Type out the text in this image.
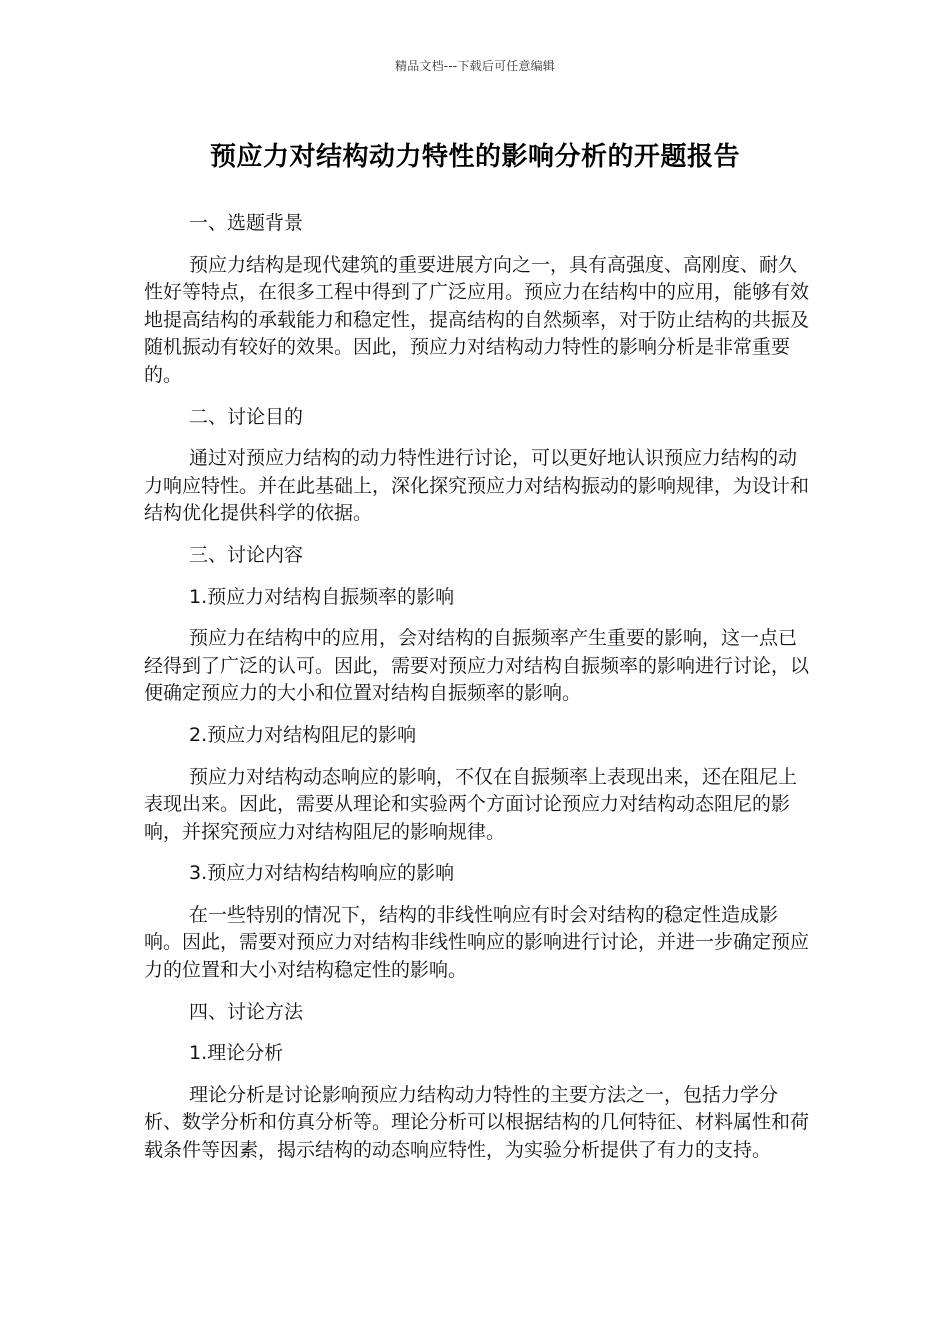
精品文档---下载后可任意编辑
预应力对结构动力特性的影响分析的开题报告
一、选题背景
预应力结构是现代建筑的重要进展方向之一，具有高强度、高刚度、耐久性好等特点，在很多工程中得到了广泛应用。预应力在结构中的应用，能够有效地提高结构的承载能力和稳定性，提高结构的自然频率，对于防止结构的共振及随机振动有较好的效果。因此，预应力对结构动力特性的影响分析是非常重要的。
二、讨论目的
通过对预应力结构的动力特性进行讨论，可以更好地认识预应力结构的动力响应特性。并在此基础上，深化探究预应力对结构振动的影响规律，为设计和结构优化提供科学的依据。
三、讨论内容
1.预应力对结构自振频率的影响
预应力在结构中的应用，会对结构的自振频率产生重要的影响，这一点已经得到了广泛的认可。因此，需要对预应力对结构自振频率的影响进行讨论，以便确定预应力的大小和位置对结构自振频率的影响。
2.预应力对结构阻尼的影响
预应力对结构动态响应的影响，不仅在自振频率上表现出来，还在阻尼上表现出来。因此，需要从理论和实验两个方面讨论预应力对结构动态阻尼的影响，并探究预应力对结构阻尼的影响规律。
3.预应力对结构结构响应的影响
在一些特别的情况下，结构的非线性响应有时会对结构的稳定性造成影响。因此，需要对预应力对结构非线性响应的影响进行讨论，并进一步确定预应力的位置和大小对结构稳定性的影响。
四、讨论方法
1.理论分析
理论分析是讨论影响预应力结构动力特性的主要方法之一，包括力学分析、数学分析和仿真分析等。理论分析可以根据结构的几何特征、材料属性和荷载条件等因素，揭示结构的动态响应特性，为实验分析提供了有力的支持。
